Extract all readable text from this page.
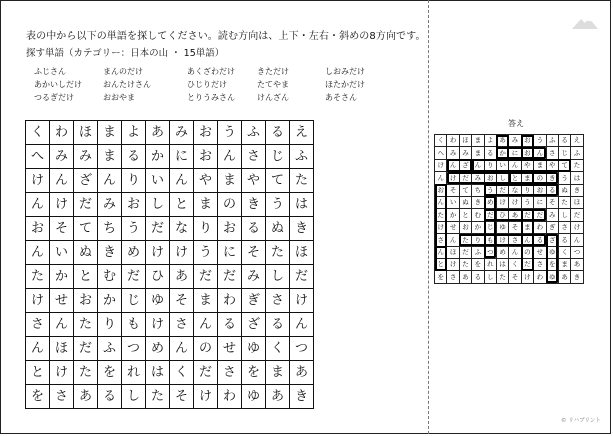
表の中から以下の単語を探してください。読む方向は、上下・左右・斜めの8方向です。
探す単語（カテゴリー：日本の山 ・ 15単語）
ふじさん	まんのだけ	あくざわだけ	きただけ	しおみだけ
あかいしだけ	おんたけさん	ひじりだけ	たてやま	ほたかだけ
つるぎだけ	おおやま	とりうみさん	けんざん	あそさん
く	わ	ほ	ま	よ	あ	み	お	う	ふ	る	え
へ	み	み	ま	る	か	に	お	ん	さ	じ	ふ
け	ん	ざ	ん	り	い	ん	や	ま	や	て	た
ん	け	だ	み	お	し	と	ま	の	き	う	は
お	そ	て	ち	う	だ	な	り	お	る	ぬ	き
ん	い	ぬ	き	め	け	け	う	に	そ	た	ほ
た	か	と	む	だ	ひ	あ	だ	だ	み	し	だ
け	せ	お	か	じ	ゆ	そ	ま	わ	ぎ	さ	け
さ	ん	た	り	も	け	さ	ん	る	ざ	る	ん
ん	ほ	だ	ふ	つ	め	ん	の	せ	ゆ	く	つ
と	け	た	を	れ	は	く	だ	さ	を	ま	あ
を	さ	あ	る	し	た	そ	け	わ	ゆ	あ	き
答え
く	わ	ほ	ま	よ	あ	み	お	う	ふ	る	え
へ	み	み	ま	る	か	に	お	ん	さ	じ	ふ
け	ん	ざ	ん	り	い	ん	や	ま	や	て	た
ん	け	だ	み	お	し	と	ま	の	き	う	は
お	そ	て	ち	う	だ	な	り	お	る	ぬ	き
ん	い	ぬ	き	め	け	け	う	に	そ	た	ほ
た	か	と	む	だ	ひ	あ	だ	だ	み	し	だ
け	せ	お	か	じ	ゆ	そ	ま	わ	ぎ	さ	け
さ	ん	た	り	も	け	さ	ん	る	ざ	る	ん
ん	ほ	だ	ふ	つ	め	ん	の	せ	ゆ	く	つ
と	け	た	を	れ	は	く	だ	さ	を	ま	あ
を	さ	あ	る	し	た	そ	け	わ	ゆ	あ	き
© リハプリント
